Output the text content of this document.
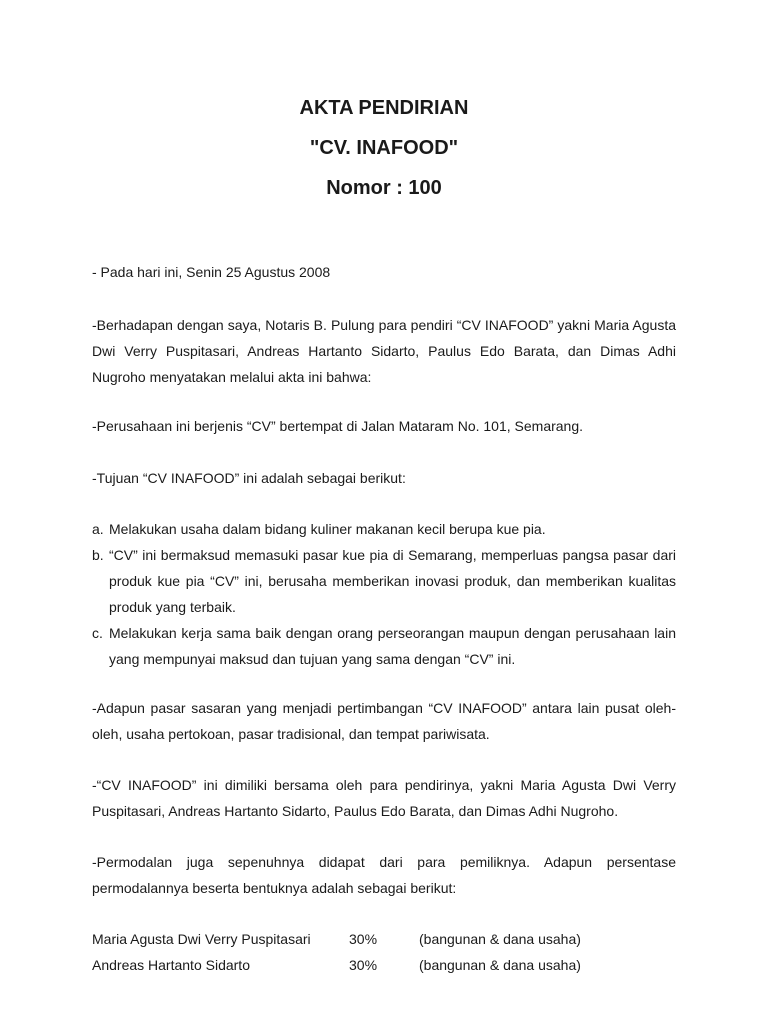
AKTA PENDIRIAN
"CV. INAFOOD"
Nomor : 100

- Pada hari ini, Senin 25 Agustus 2008

-Berhadapan dengan saya, Notaris B. Pulung para pendiri “CV INAFOOD” yakni Maria Agusta Dwi Verry Puspitasari, Andreas Hartanto Sidarto, Paulus Edo Barata, dan Dimas Adhi Nugroho menyatakan melalui akta ini bahwa:

-Perusahaan ini berjenis “CV” bertempat di Jalan Mataram No. 101, Semarang.

-Tujuan “CV INAFOOD” ini adalah sebagai berikut:

a. Melakukan usaha dalam bidang kuliner makanan kecil berupa kue pia.
b. “CV” ini bermaksud memasuki pasar kue pia di Semarang, memperluas pangsa pasar dari produk kue pia “CV” ini, berusaha memberikan inovasi produk, dan memberikan kualitas produk yang terbaik.
c. Melakukan kerja sama baik dengan orang perseorangan maupun dengan perusahaan lain yang mempunyai maksud dan tujuan yang sama dengan “CV” ini.

-Adapun pasar sasaran yang menjadi pertimbangan “CV INAFOOD” antara lain pusat oleh-oleh, usaha pertokoan, pasar tradisional, dan tempat pariwisata.

-“CV INAFOOD” ini dimiliki bersama oleh para pendirinya, yakni Maria Agusta Dwi Verry Puspitasari, Andreas Hartanto Sidarto, Paulus Edo Barata, dan Dimas Adhi Nugroho.

-Permodalan juga sepenuhnya didapat dari para pemiliknya. Adapun persentase permodalannya beserta bentuknya adalah sebagai berikut:

Maria Agusta Dwi Verry Puspitasari	30%	(bangunan & dana usaha)
Andreas Hartanto Sidarto	30%	(bangunan & dana usaha)
